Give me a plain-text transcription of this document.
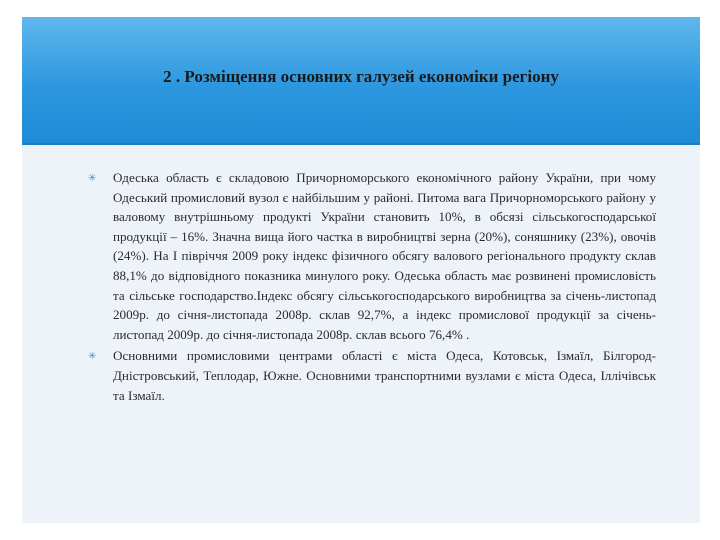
2 . Розміщення основних галузей економіки регіону
✳ Одеська область є складовою Причорноморського економічного району України, при чому Одеський промисловий вузол є найбільшим у районі. Питома вага Причорноморського району у валовому внутрішньому продукті України становить 10%, в обсязі сільськогосподарської продукції – 16%. Значна вища його частка в виробництві зерна (20%), соняшнику (23%), овочів (24%). На І півріччя 2009 року індекс фізичного обсягу валового регіонального продукту склав 88,1% до відповідного показника минулого року. Одеська область має розвинені промисловість та сільське господарство.Індекс обсягу сільськогосподарського виробництва за січень-листопад 2009р. до січня-листопада 2008р. склав 92,7%, а індекс промислової продукції за січень-листопад 2009р. до січня-листопада 2008р. склав всього 76,4% .
✳ Основними промисловими центрами області є міста Одеса, Котовськ, Ізмаїл, Білгород-Дністровський, Теплодар, Южне. Основними транспортними вузлами є міста Одеса, Іллічівськ та Ізмаїл.
